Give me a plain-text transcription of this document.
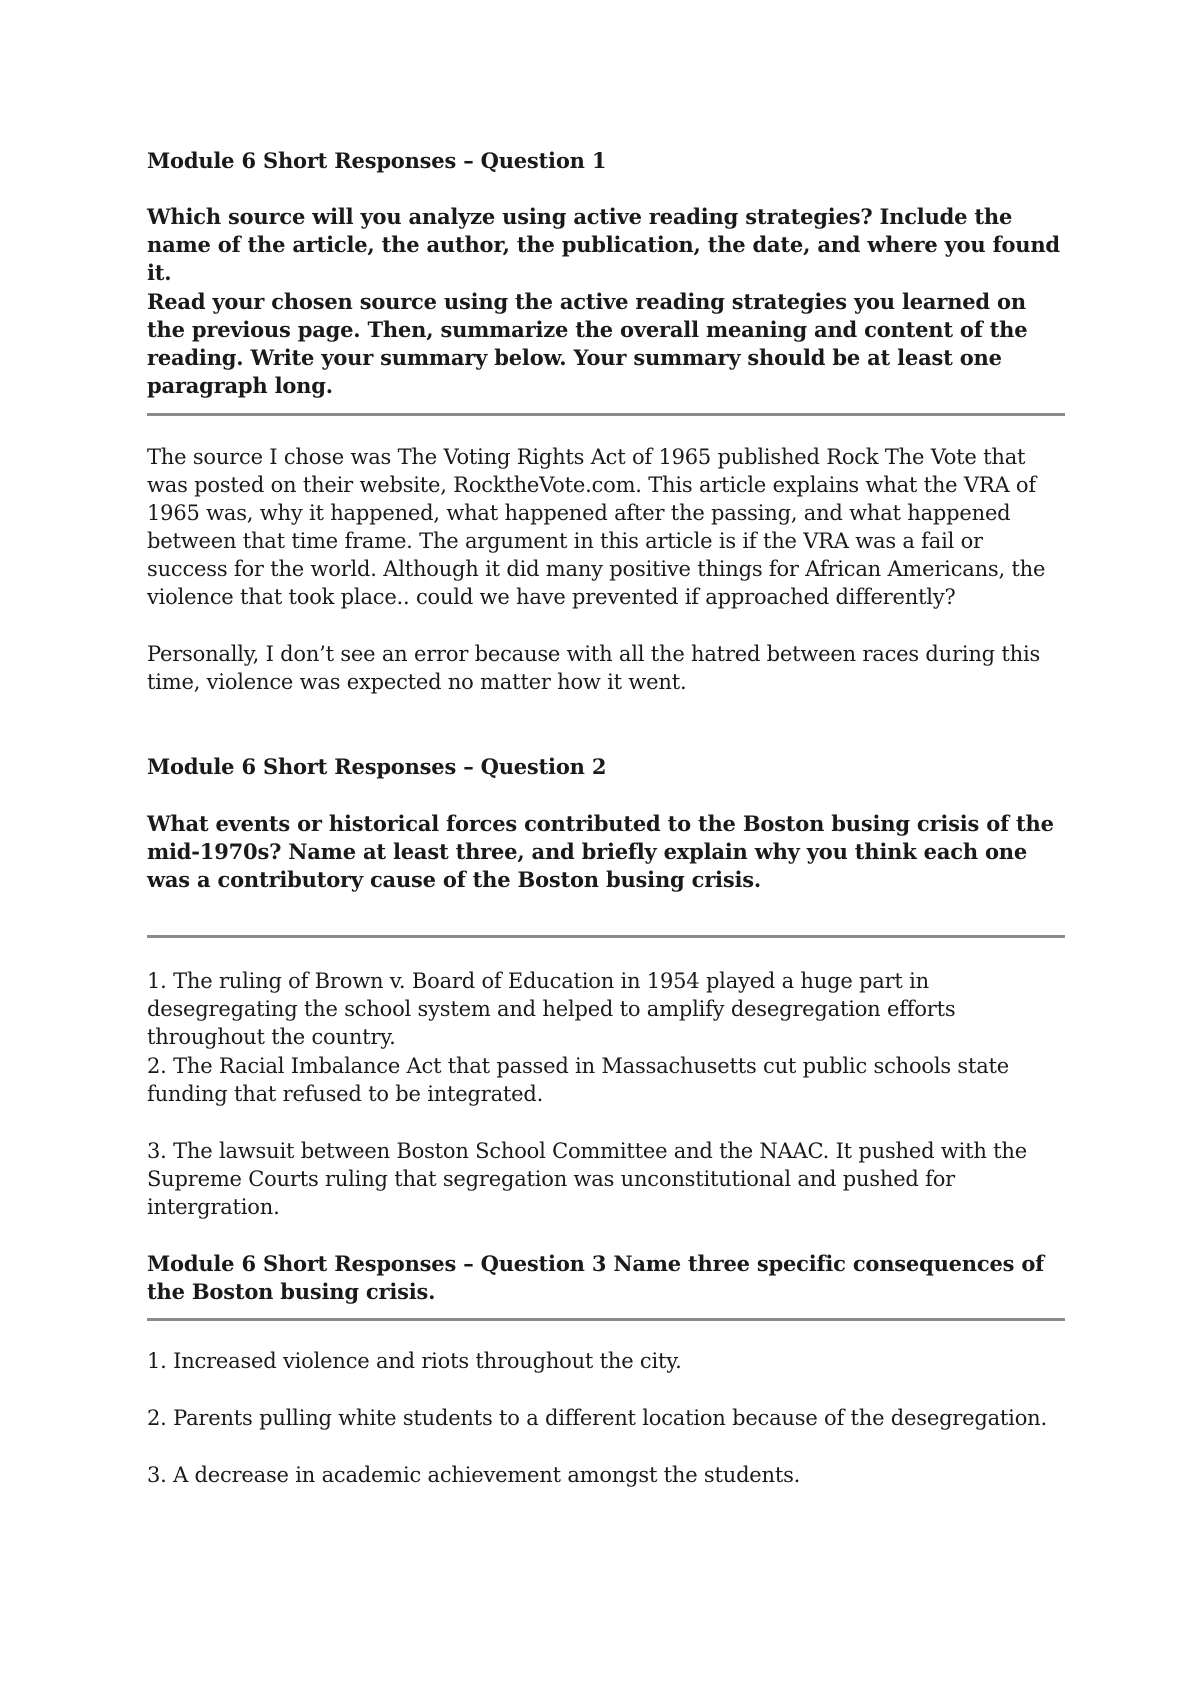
Module 6 Short Responses – Question 1
Which source will you analyze using active reading strategies? Include the name of the article, the author, the publication, the date, and where you found it.
Read your chosen source using the active reading strategies you learned on the previous page. Then, summarize the overall meaning and content of the reading. Write your summary below. Your summary should be at least one paragraph long.
The source I chose was The Voting Rights Act of 1965 published Rock The Vote that was posted on their website, RocktheVote.com. This article explains what the VRA of 1965 was, why it happened, what happened after the passing, and what happened between that time frame. The argument in this article is if the VRA was a fail or success for the world. Although it did many positive things for African Americans, the violence that took place.. could we have prevented if approached differently?
Personally, I don’t see an error because with all the hatred between races during this time, violence was expected no matter how it went.
Module 6 Short Responses – Question 2
What events or historical forces contributed to the Boston busing crisis of the mid-1970s? Name at least three, and briefly explain why you think each one was a contributory cause of the Boston busing crisis.
1. The ruling of Brown v. Board of Education in 1954 played a huge part in desegregating the school system and helped to amplify desegregation efforts throughout the country.
2. The Racial Imbalance Act that passed in Massachusetts cut public schools state funding that refused to be integrated.
3. The lawsuit between Boston School Committee and the NAAC. It pushed with the Supreme Courts ruling that segregation was unconstitutional and pushed for intergration.
Module 6 Short Responses – Question 3 Name three specific consequences of the Boston busing crisis.
1. Increased violence and riots throughout the city.
2. Parents pulling white students to a different location because of the desegregation.
3. A decrease in academic achievement amongst the students.
